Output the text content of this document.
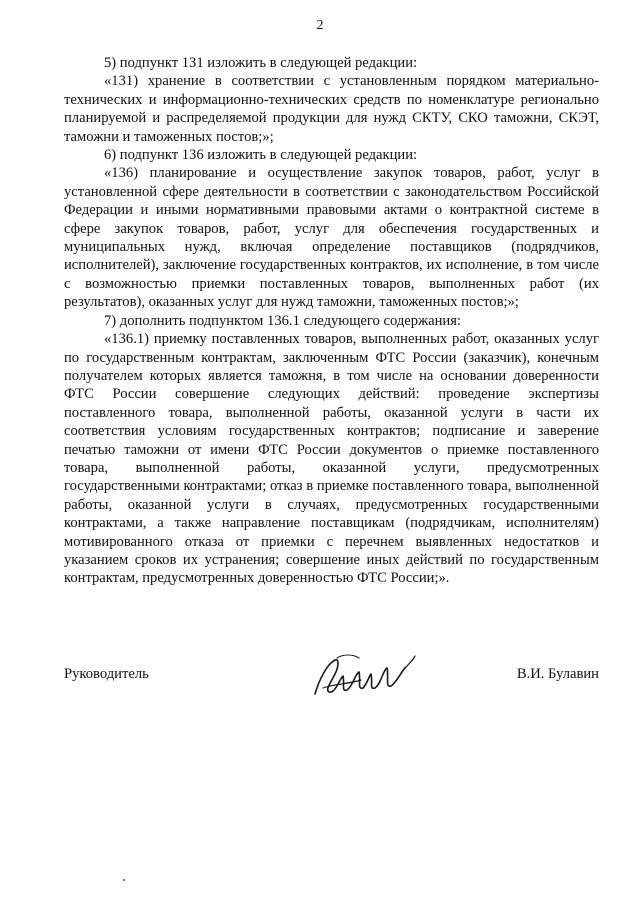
2

5) подпункт 131 изложить в следующей редакции:

«131) хранение в соответствии с установленным порядком материально-технических и информационно-технических средств по номенклатуре регионально планируемой и распределяемой продукции для нужд СКТУ, СКО таможни, СКЭТ, таможни и таможенных постов;»;

6) подпункт 136 изложить в следующей редакции:

«136) планирование и осуществление закупок товаров, работ, услуг в установленной сфере деятельности в соответствии с законодательством Российской Федерации и иными нормативными правовыми актами о контрактной системе в сфере закупок товаров, работ, услуг для обеспечения государственных и муниципальных нужд, включая определение поставщиков (подрядчиков, исполнителей), заключение государственных контрактов, их исполнение, в том числе с возможностью приемки поставленных товаров, выполненных работ (их результатов), оказанных услуг для нужд таможни, таможенных постов;»;

7) дополнить подпунктом 136.1 следующего содержания:

«136.1) приемку поставленных товаров, выполненных работ, оказанных услуг по государственным контрактам, заключенным ФТС России (заказчик), конечным получателем которых является таможня, в том числе на основании доверенности ФТС России совершение следующих действий: проведение экспертизы поставленного товара, выполненной работы, оказанной услуги в части их соответствия условиям государственных контрактов; подписание и заверение печатью таможни от имени ФТС России документов о приемке поставленного товара, выполненной работы, оказанной услуги, предусмотренных государственными контрактами; отказ в приемке поставленного товара, выполненной работы, оказанной услуги в случаях, предусмотренных государственными контрактами, а также направление поставщикам (подрядчикам, исполнителям) мотивированного отказа от приемки с перечнем выявленных недостатков и указанием сроков их устранения; совершение иных действий по государственным контрактам, предусмотренных доверенностью ФТС России;».

Руководитель	В.И. Булавин
